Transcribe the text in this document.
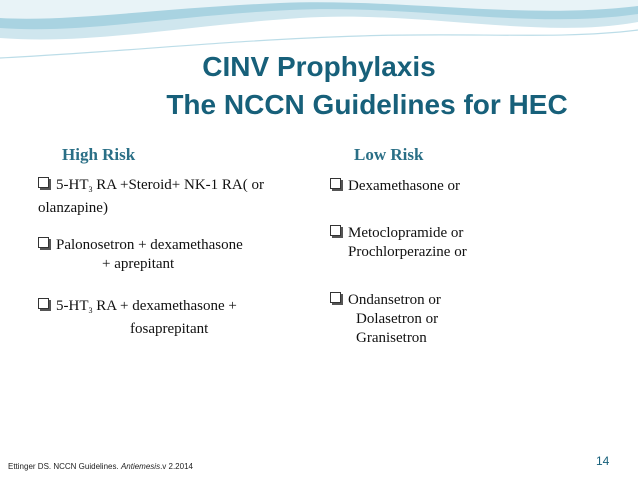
CINV Prophylaxis
The NCCN Guidelines for HEC
High Risk	Low Risk
$5-HT_3$ RA +Steroid+ NK-1 RA( or
olanzapine)
Palonosetron + dexamethasone
+ aprepitant
$5-HT_3$ RA + dexamethasone +
fosaprepitant
Dexamethasone or
Metoclopramide or
Prochlorperazine or
Ondansetron or
Dolasetron or
Granisetron
Ettinger DS. NCCN Guidelines. Antiemesis.v 2.2014	14
